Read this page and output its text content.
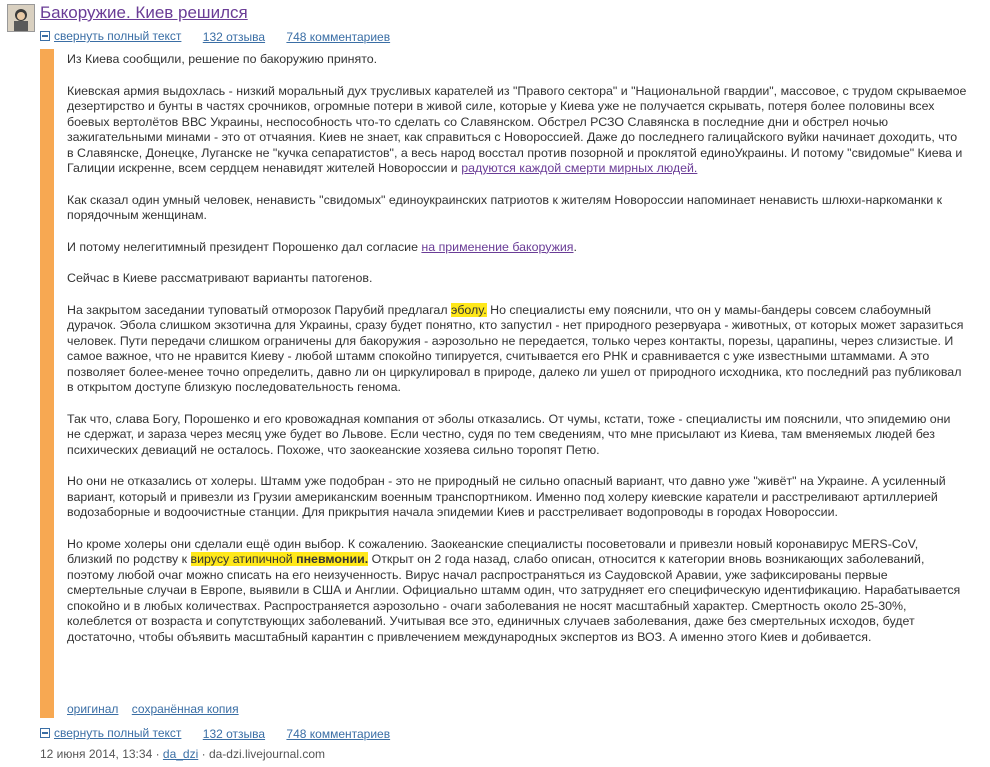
Бакоружие. Киев решился
свернуть полный текст 132 отзыва 748 комментариев

Из Киева сообщили, решение по бакоружию принято.

Киевская армия выдохлась - низкий моральный дух трусливых карателей из "Правого сектора" и "Национальной гвардии", массовое, с трудом скрываемое дезертирство и бунты в частях срочников, огромные потери в живой силе, которые у Киева уже не получается скрывать, потеря более половины всех боевых вертолётов ВВС Украины, неспособность что-то сделать со Славянском. Обстрел РСЗО Славянска в последние дни и обстрел ночью зажигательными минами - это от отчаяния. Киев не знает, как справиться с Новороссией. Даже до последнего галицайского вуйки начинает доходить, что в Славянске, Донецке, Луганске не "кучка сепаратистов", а весь народ восстал против позорной и проклятой единоУкраины. И потому "свидомые" Киева и Галиции искренне, всем сердцем ненавидят жителей Новороссии и радуются каждой смерти мирных людей.

Как сказал один умный человек, ненависть "свидомых" единоукраинских патриотов к жителям Новороссии напоминает ненависть шлюхи-наркоманки к порядочным женщинам.

И потому нелегитимный президент Порошенко дал согласие на применение бакоружия.

Сейчас в Киеве рассматривают варианты патогенов.

На закрытом заседании туповатый отморозок Парубий предлагал эболу. Но специалисты ему пояснили, что он у мамы-бандеры совсем слабоумный дурачок. Эбола слишком экзотична для Украины, сразу будет понятно, кто запустил - нет природного резервуара - животных, от которых может заразиться человек. Пути передачи слишком ограничены для бакоружия - аэрозольно не передается, только через контакты, порезы, царапины, через слизистые. И самое важное, что не нравится Киеву - любой штамм спокойно типируется, считывается его РНК и сравнивается с уже известными штаммами. А это позволяет более-менее точно определить, давно ли он циркулировал в природе, далеко ли ушел от природного исходника, кто последний раз публиковал в открытом доступе близкую последовательность генома.

Так что, слава Богу, Порошенко и его кровожадная компания от эболы отказались. От чумы, кстати, тоже - специалисты им пояснили, что эпидемию они не сдержат, и зараза через месяц уже будет во Львове. Если честно, судя по тем сведениям, что мне присылают из Киева, там вменяемых людей без психических девиаций не осталось. Похоже, что заокеанские хозяева сильно торопят Петю.

Но они не отказались от холеры. Штамм уже подобран - это не природный не сильно опасный вариант, что давно уже "живёт" на Украине. А усиленный вариант, который и привезли из Грузии американским военным транспортником. Именно под холеру киевские каратели и расстреливают артиллерией водозаборные и водоочистные станции. Для прикрытия начала эпидемии Киев и расстреливает водопроводы в городах Новороссии.

Но кроме холеры они сделали ещё один выбор. К сожалению. Заокеанские специалисты посоветовали и привезли новый коронавирус MERS-CoV, близкий по родству к вирусу атипичной пневмонии. Открыт он 2 года назад, слабо описан, относится к категории вновь возникающих заболеваний, поэтому любой очаг можно списать на его неизученность. Вирус начал распространяться из Саудовской Аравии, уже зафиксированы первые смертельные случаи в Европе, выявили в США и Англии. Официально штамм один, что затрудняет его специфическую идентификацию. Нарабатывается спокойно и в любых количествах. Распространяется аэрозольно - очаги заболевания не носят масштабный характер. Смертность около 25-30%, колеблется от возраста и сопутствующих заболеваний. Учитывая все это, единичных случаев заболевания, даже без смертельных исходов, будет достаточно, чтобы объявить масштабный карантин с привлечением международных экспертов из ВОЗ. А именно этого Киев и добивается.

оригинал сохранённая копия
свернуть полный текст 132 отзыва 748 комментариев
12 июня 2014, 13:34 · da_dzi · da-dzi.livejournal.com
